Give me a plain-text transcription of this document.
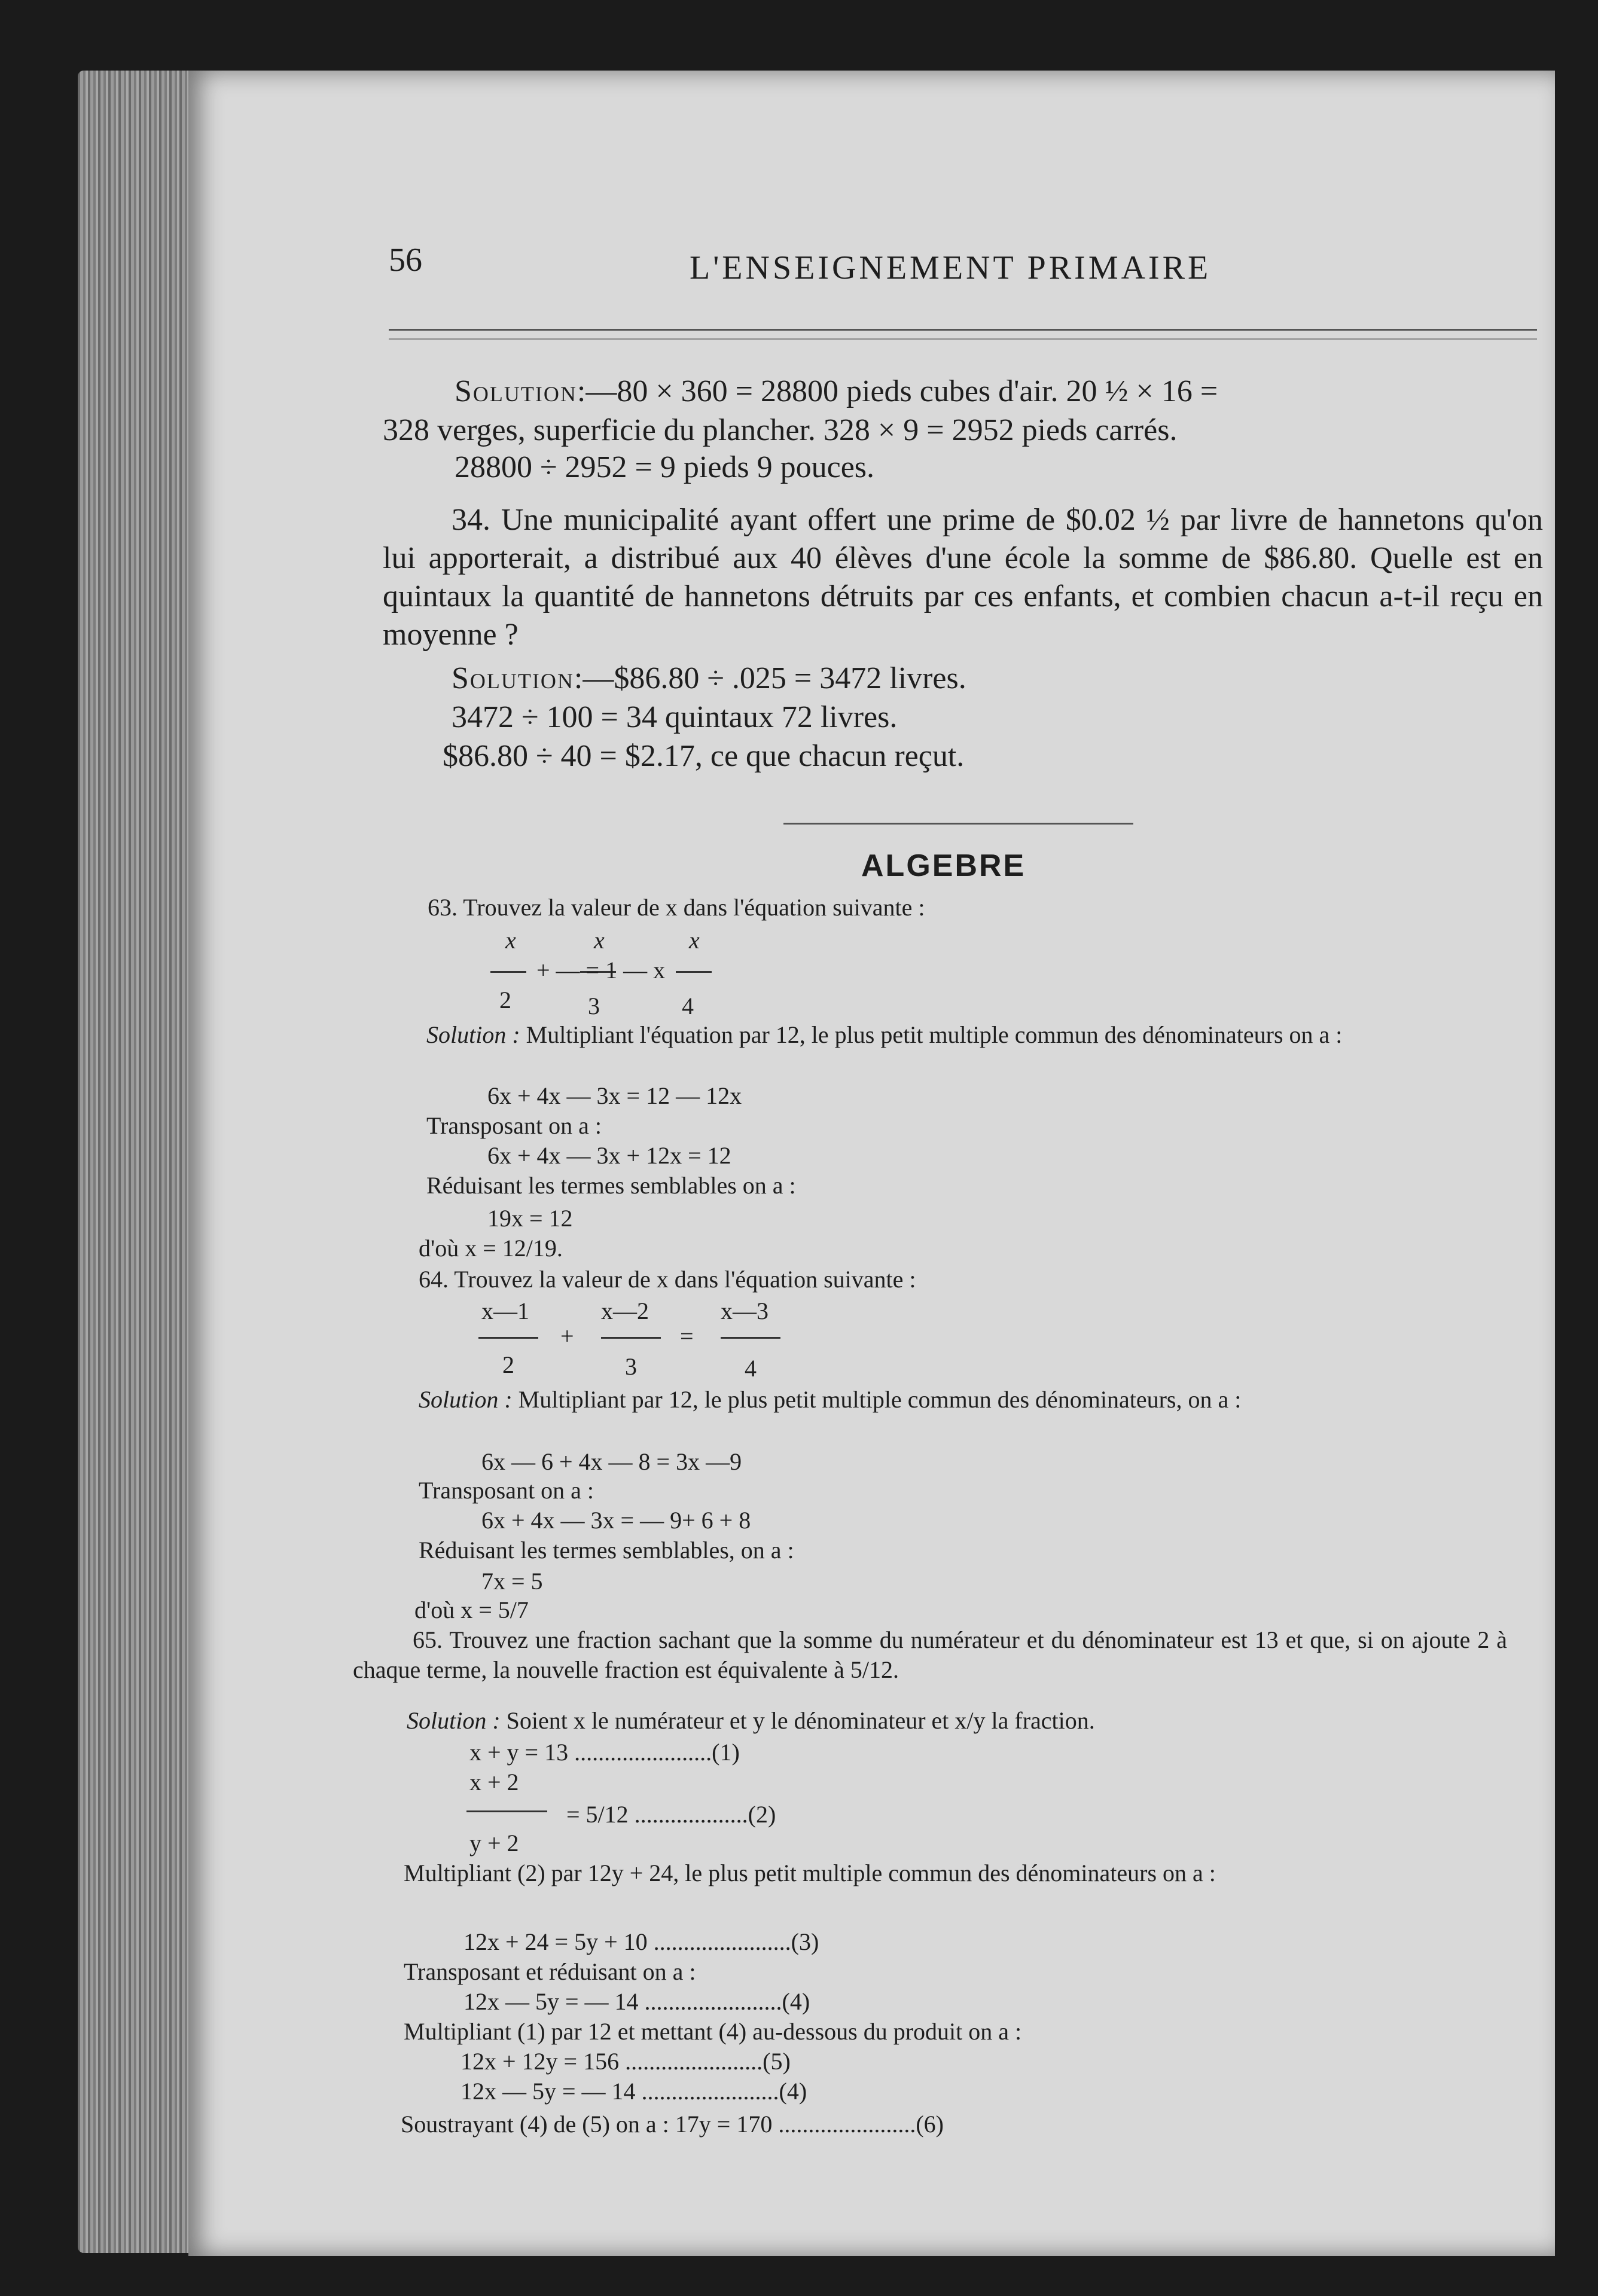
56	L'ENSEIGNEMENT PRIMAIRE
Solution:—80 × 360 = 28800 pieds cubes d'air. 20 ½ × 16 =
328 verges, superficie du plancher. 328 × 9 = 2952 pieds carrés.
28800 ÷ 2952 = 9 pieds 9 pouces.
34. Une municipalité ayant offert une prime de $0.02 ½ par livre de hannetons qu'on lui apporterait, a distribué aux 40 élèves d'une école la somme de $86.80. Quelle est en quintaux la quantité de hannetons détruits par ces enfants, et combien chacun a-t-il reçu en moyenne ?
Solution:—$86.80 ÷ .025 = 3472 livres.
3472 ÷ 100 = 34 quintaux 72 livres.
$86.80 ÷ 40 = $2.17, ce que chacun reçut.
ALGEBRE
63. Trouvez la valeur de x dans l'équation suivante :
x	x	x
+ — = 1 — x
2	3	4
Solution : Multipliant l'équation par 12, le plus petit multiple commun des dénominateurs on a :
6x + 4x — 3x = 12 — 12x
Transposant on a :
6x + 4x — 3x + 12x = 12
Réduisant les termes semblables on a :
19x = 12
d'où x = 12/19.
64. Trouvez la valeur de x dans l'équation suivante :
x—1	x—2	x—3
+	=
2	3	4
Solution : Multipliant par 12, le plus petit multiple commun des dénominateurs, on a :
6x — 6 + 4x — 8 = 3x —9
Transposant on a :
6x + 4x — 3x = — 9+ 6 + 8
Réduisant les termes semblables, on a :
7x = 5
d'où x = 5/7
65. Trouvez une fraction sachant que la somme du numérateur et du dénominateur est 13 et que, si on ajoute 2 à chaque terme, la nouvelle fraction est équivalente à 5/12.
Solution : Soient x le numérateur et y le dénominateur et x/y la fraction.
x + y = 13 .......................(1)
x + 2
= 5/12 ...................(2)
y + 2
Multipliant (2) par 12y + 24, le plus petit multiple commun des dénominateurs on a :
12x + 24 = 5y + 10 .......................(3)
Transposant et réduisant on a :
12x — 5y = — 14 .......................(4)
Multipliant (1) par 12 et mettant (4) au-dessous du produit on a :
12x + 12y = 156 .......................(5)
12x — 5y = — 14 .......................(4)
Soustrayant (4) de (5) on a : 17y = 170 .......................(6)
